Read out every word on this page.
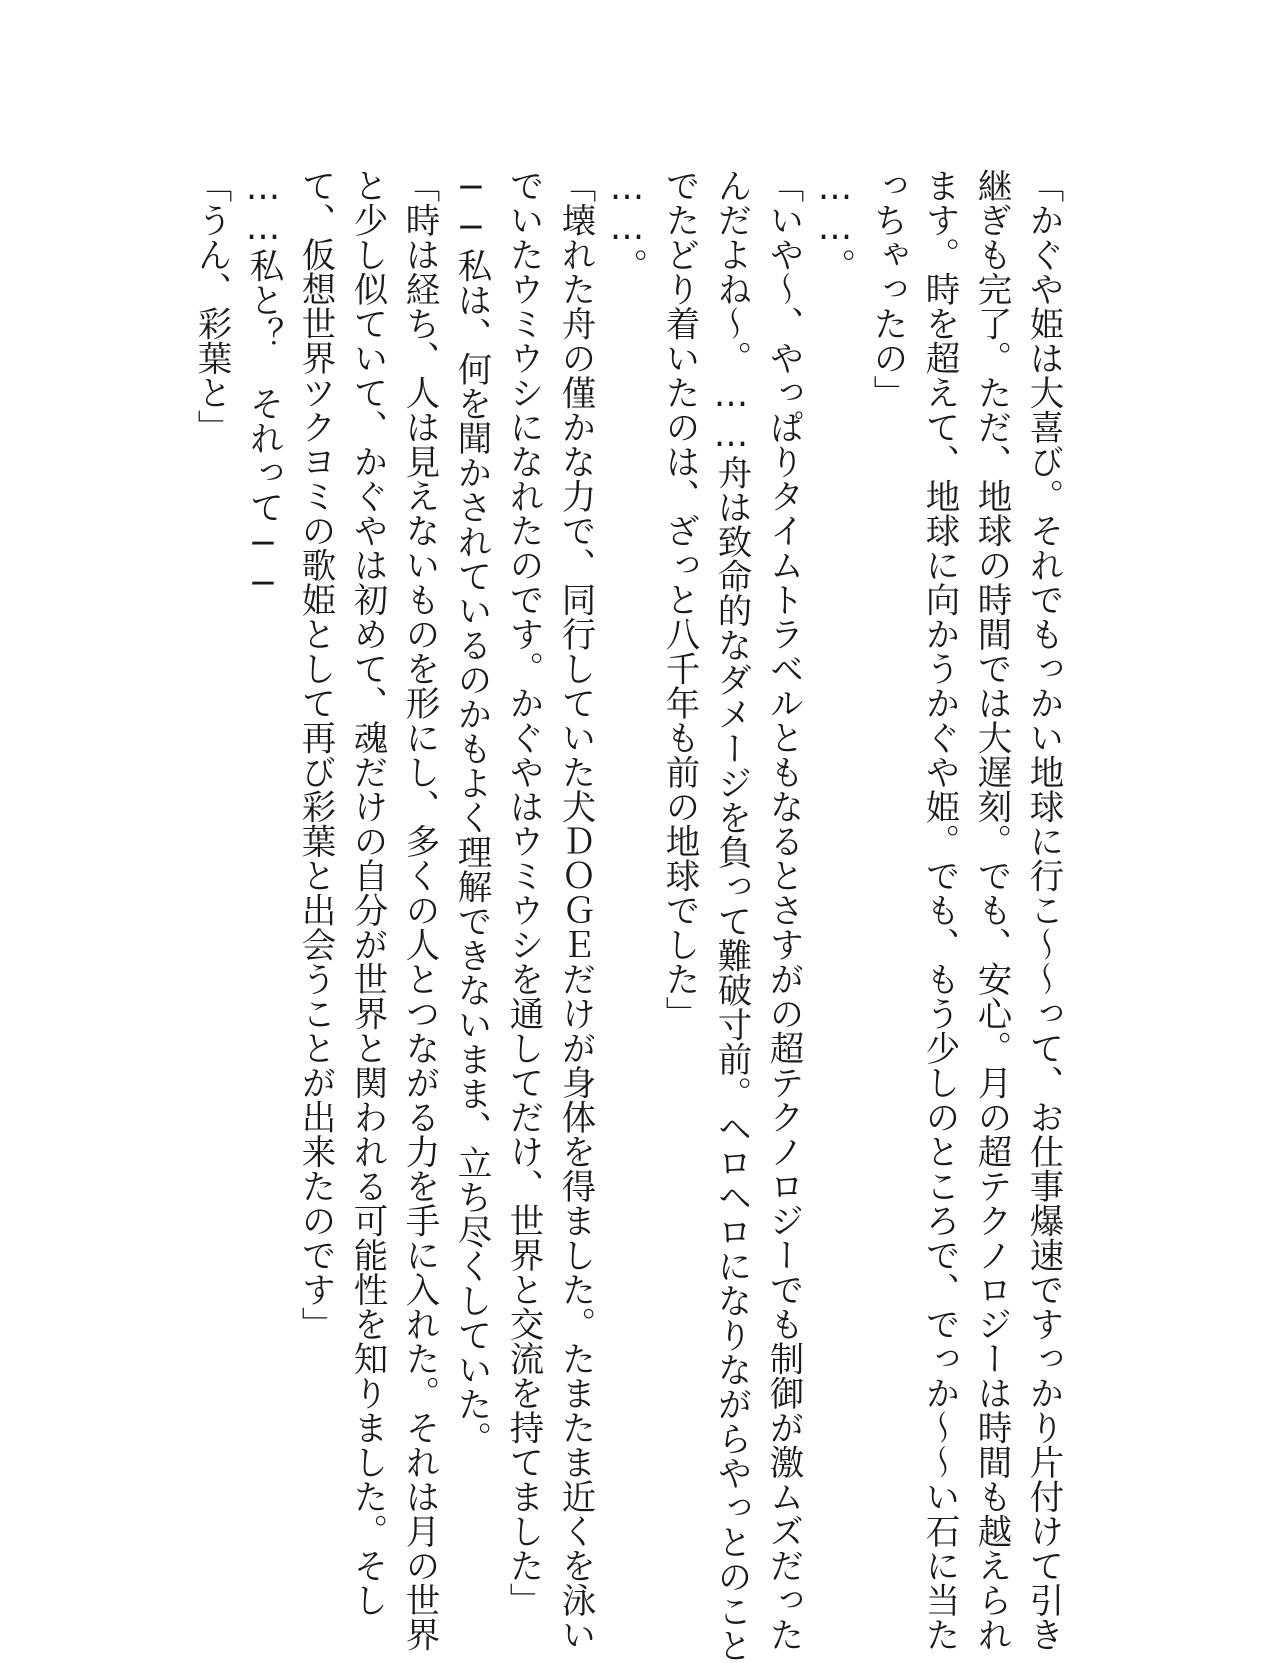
「かぐや姫は大喜び。それでもっかい地球に行こ〜〜って、お仕事爆速ですっかり片付けて引き
継ぎも完了。ただ、地球の時間では大遅刻。でも、安心。月の超テクノロジーは時間も越えられ
ます。時を超えて、地球に向かうかぐや姫。でも、もう少しのところで、でっか〜〜い石に当た
っちゃったの」
……。
「いや〜、やっぱりタイムトラベルともなるとさすがの超テクノロジーでも制御が激ムズだった
んだよね〜。……舟は致命的なダメージを負って難破寸前。ヘロヘロになりながらやっとのこと
でたどり着いたのは、ざっと八千年も前の地球でした」
……。
「壊れた舟の僅かな力で、同行していた犬ＤＯＧＥだけが身体を得ました。たまたま近くを泳い
でいたウミウシになれたのです。かぐやはウミウシを通してだけ、世界と交流を持てました」
──私は、何を聞かされているのかもよく理解できないまま、立ち尽くしていた。
「時は経ち、人は見えないものを形にし、多くの人とつながる力を手に入れた。それは月の世界
と少し似ていて、かぐやは初めて、魂だけの自分が世界と関われる可能性を知りました。そし
て、仮想世界ツクヨミの歌姫として再び彩葉と出会うことが出来たのです」
……私と？　それって──
「うん、彩葉と」
